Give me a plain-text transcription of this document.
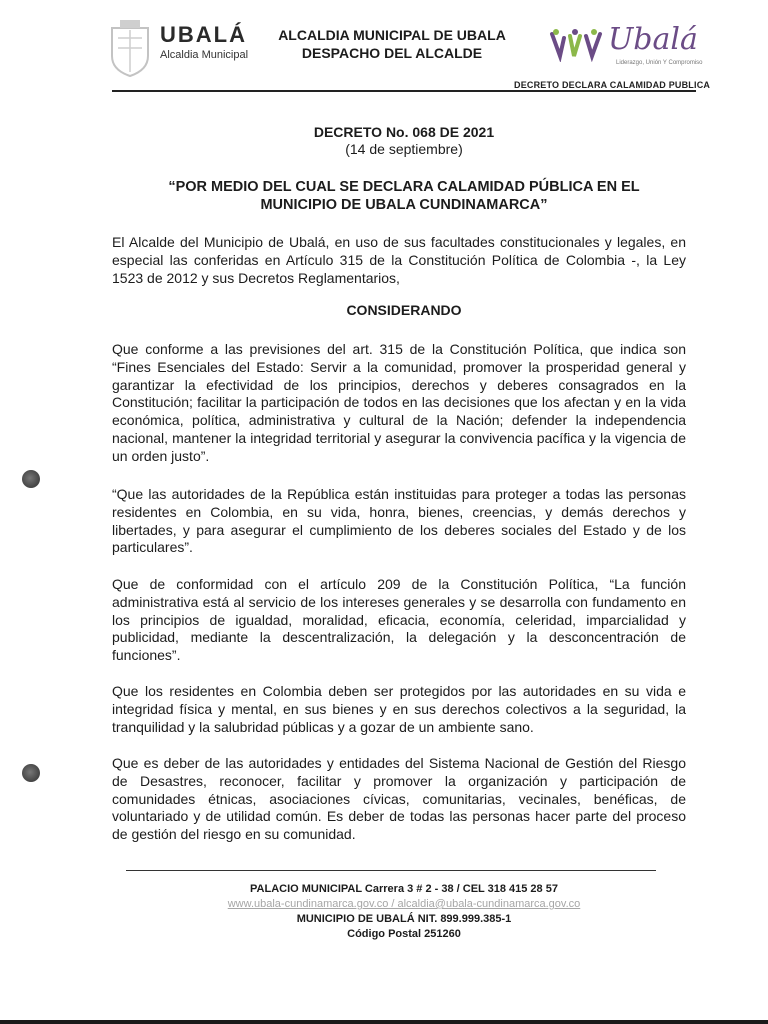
UBALÁ
Alcaldia Municipal
ALCALDIA MUNICIPAL DE UBALA
DESPACHO DEL ALCALDE	Ubalá
Liderazgo, Unión Y Compromiso
DECRETO DECLARA CALAMIDAD PUBLICA
DECRETO No. 068 DE 2021
(14 de septiembre)
“POR MEDIO DEL CUAL SE DECLARA CALAMIDAD PÚBLICA EN EL
MUNICIPIO DE UBALA CUNDINAMARCA”
El Alcalde del Municipio de Ubalá, en uso de sus facultades constitucionales y legales, en especial las conferidas en Artículo 315 de la Constitución Política de Colombia -, la Ley 1523 de 2012 y sus Decretos Reglamentarios,
CONSIDERANDO
Que conforme a las previsiones del art. 315 de la Constitución Política, que indica son “Fines Esenciales del Estado: Servir a la comunidad, promover la prosperidad general y garantizar la efectividad de los principios, derechos y deberes consagrados en la Constitución; facilitar la participación de todos en las decisiones que los afectan y en la vida económica, política, administrativa y cultural de la Nación; defender la independencia nacional, mantener la integridad territorial y asegurar la convivencia pacífica y la vigencia de un orden justo”.
“Que las autoridades de la República están instituidas para proteger a todas las personas residentes en Colombia, en su vida, honra, bienes, creencias, y demás derechos y libertades, y para asegurar el cumplimiento de los deberes sociales del Estado y de los particulares”.
Que de conformidad con el artículo 209 de la Constitución Política, “La función administrativa está al servicio de los intereses generales y se desarrolla con fundamento en los principios de igualdad, moralidad, eficacia, economía, celeridad, imparcialidad y publicidad, mediante la descentralización, la delegación y la desconcentración de funciones”.
Que los residentes en Colombia deben ser protegidos por las autoridades en su vida e integridad física y mental, en sus bienes y en sus derechos colectivos a la seguridad, la tranquilidad y la salubridad públicas y a gozar de un ambiente sano.
Que es deber de las autoridades y entidades del Sistema Nacional de Gestión del Riesgo de Desastres, reconocer, facilitar y promover la organización y participación de comunidades étnicas, asociaciones cívicas, comunitarias, vecinales, benéficas, de voluntariado y de utilidad común. Es deber de todas las personas hacer parte del proceso de gestión del riesgo en su comunidad.
PALACIO MUNICIPAL Carrera 3 # 2 - 38 / CEL 318 415 28 57
www.ubala-cundinamarca.gov.co / alcaldia@ubala-cundinamarca.gov.co
MUNICIPIO DE UBALÁ NIT. 899.999.385-1
Código Postal 251260
